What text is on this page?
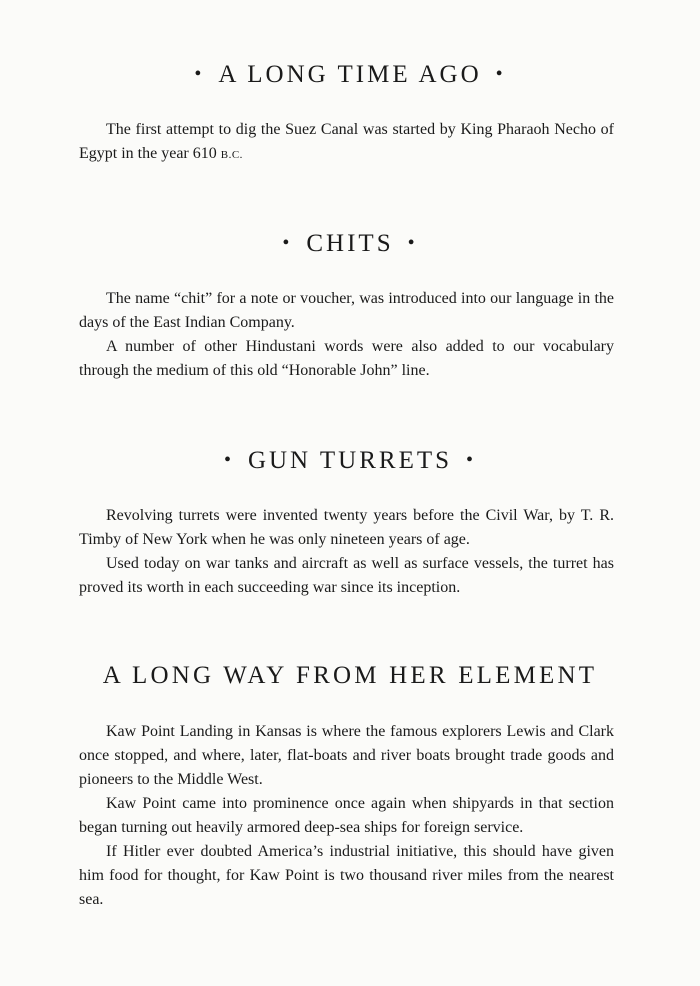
• A LONG TIME AGO •

The first attempt to dig the Suez Canal was started by King Pharaoh Necho of Egypt in the year 610 B.C.

• CHITS •

The name “chit” for a note or voucher, was introduced into our language in the days of the East Indian Company.

A number of other Hindustani words were also added to our vocabulary through the medium of this old “Honorable John” line.

• GUN TURRETS •

Revolving turrets were invented twenty years before the Civil War, by T. R. Timby of New York when he was only nineteen years of age.

Used today on war tanks and aircraft as well as surface vessels, the turret has proved its worth in each succeeding war since its inception.

A LONG WAY FROM HER ELEMENT

Kaw Point Landing in Kansas is where the famous explorers Lewis and Clark once stopped, and where, later, flat-boats and river boats brought trade goods and pioneers to the Middle West.

Kaw Point came into prominence once again when shipyards in that section began turning out heavily armored deep-sea ships for foreign service.

If Hitler ever doubted America’s industrial initiative, this should have given him food for thought, for Kaw Point is two thousand river miles from the nearest sea.
